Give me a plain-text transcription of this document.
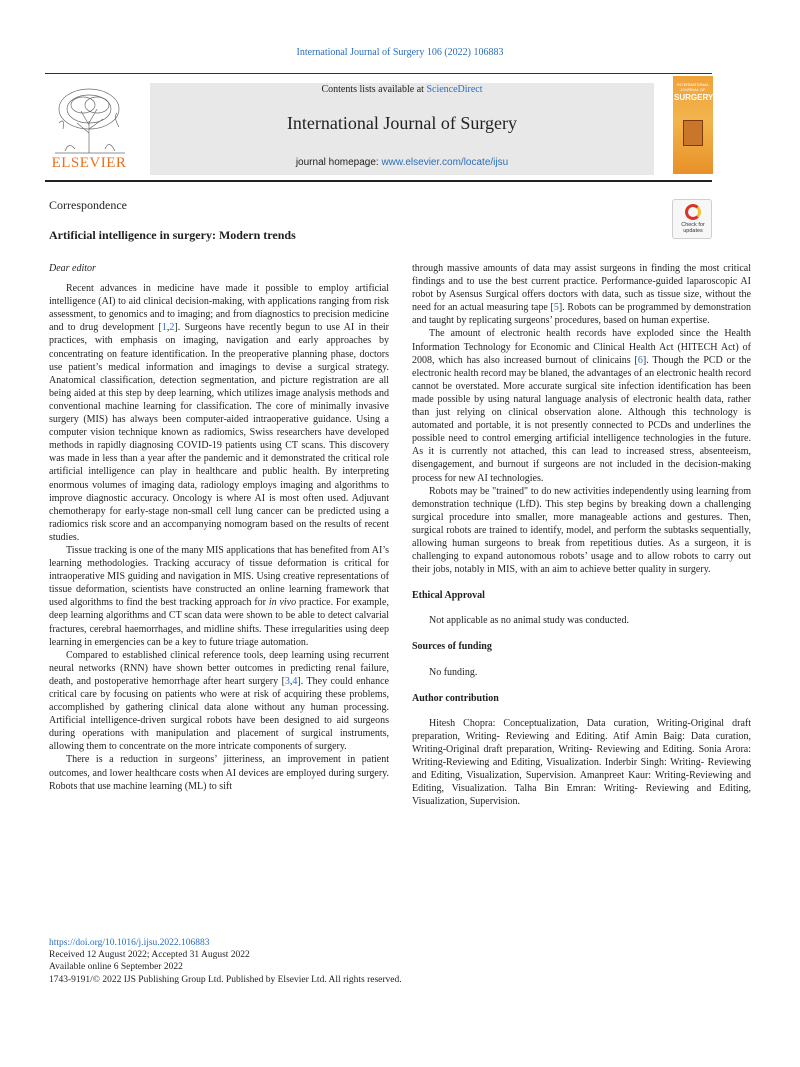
International Journal of Surgery 106 (2022) 106883
ELSEVIER
Contents lists available at ScienceDirect
International Journal of Surgery
journal homepage: www.elsevier.com/locate/ijsu
INTERNATIONAL JOURNAL OF
SURGERY
Correspondence
Artificial intelligence in surgery: Modern trends
Check for updates

Dear editor

Recent advances in medicine have made it possible to employ artificial intelligence (AI) to aid clinical decision-making, with applications ranging from risk assessment, to genomics and to imaging; and from diagnostics to precision medicine and to drug development [1,2]. Surgeons have recently begun to use AI in their practices, with emphasis on imaging, navigation and early approaches by concentrating on feature identification. In the preoperative planning phase, doctors use patient’s medical information and imagings to devise a surgical strategy. Anatomical classification, detection segmentation, and picture registration are all being aided at this step by deep learning, which utilizes image analysis methods and conventional machine learning for classification. The core of minimally invasive surgery (MIS) has always been computer-aided intraoperative guidance. Using a computer vision technique known as radiomics, Swiss researchers have developed methods in rapidly diagnosing COVID-19 patients using CT scans. This discovery was made in less than a year after the pandemic and it demonstrated the critical role artificial intelligence can play in healthcare and public health. By interpreting enormous volumes of imaging data, radiology employs imaging and algorithms to improve diagnostic accuracy. Oncology is where AI is most often used. Adjuvant chemotherapy for early-stage non-small cell lung cancer can be predicted using a radiomics risk score and an accompanying nomogram based on the results of recent studies.

Tissue tracking is one of the many MIS applications that has benefited from AI’s learning methodologies. Tracking accuracy of tissue deformation is critical for intraoperative MIS guiding and navigation in MIS. Using creative representations of tissue deformation, scientists have constructed an online learning framework that used algorithms to find the best tracking approach for in vivo practice. For example, deep learning algorithms and CT scan data were shown to be able to detect calvarial fractures, cerebral haemorrhages, and midline shifts. These irregularities using deep learning in emergencies can be a key to future triage automation.

Compared to established clinical reference tools, deep learning using recurrent neural networks (RNN) have shown better outcomes in predicting renal failure, death, and postoperative hemorrhage after heart surgery [3,4]. They could enhance critical care by focusing on patients who were at risk of acquiring these problems, accomplished by gathering clinical data alone without any human processing. Artificial intelligence-driven surgical robots have been designed to aid surgeons during operations with manipulation and placement of surgical instruments, allowing them to concentrate on the more intricate components of surgery.

There is a reduction in surgeons’ jitteriness, an improvement in patient outcomes, and lower healthcare costs when AI devices are employed during surgery. Robots that use machine learning (ML) to sift

through massive amounts of data may assist surgeons in finding the most critical findings and to use the best current practice. Performance-guided laparoscopic AI robot by Asensus Surgical offers doctors with data, such as tissue size, without the need for an actual measuring tape [5]. Robots can be programmed by demonstration and taught by replicating surgeons’ procedures, based on human expertise.

The amount of electronic health records have exploded since the Health Information Technology for Economic and Clinical Health Act (HITECH Act) of 2008, which has also increased burnout of clinicains [6]. Though the PCD or the electronic health record may be blaned, the advantages of an electronic health record cannot be overstated. More accurate surgical site infection identification has been made possible by using natural language analysis of electronic health data, rather than just relying on clinical observation alone. Although this technology is automated and portable, it is not presently connected to PCDs and underlines the possible need to control emerging artificial intelligence technologies in the future. As it is currently not attached, this can lead to increased stress, absenteeism, disengagement, and burnout if surgeons are not included in the decision-making process for new AI technologies.

Robots may be "trained" to do new activities independently using learning from demonstration technique (LfD). This step begins by breaking down a challenging surgical procedure into smaller, more manageable actions and gestures. Then, surgical robots are trained to identify, model, and perform the subtasks sequentially, allowing human surgeons to break from repetitious duties. As a surgeon, it is challenging to expand autonomous robots’ usage and to allow robots to carry out their jobs, notably in MIS, with an aim to achieve better quality in surgery.

Ethical Approval

Not applicable as no animal study was conducted.

Sources of funding

No funding.

Author contribution

Hitesh Chopra: Conceptualization, Data curation, Writing-Original draft preparation, Writing- Reviewing and Editing. Atif Amin Baig: Data curation, Writing-Original draft preparation, Writing- Reviewing and Editing. Sonia Arora: Writing-Reviewing and Editing, Visualization. Inderbir Singh: Writing- Reviewing and Editing, Visualization, Supervision. Amanpreet Kaur: Writing-Reviewing and Editing, Visualization. Talha Bin Emran: Writing- Reviewing and Editing, Visualization, Supervision.

https://doi.org/10.1016/j.ijsu.2022.106883
Received 12 August 2022; Accepted 31 August 2022
Available online 6 September 2022
1743-9191/© 2022 IJS Publishing Group Ltd. Published by Elsevier Ltd. All rights reserved.
